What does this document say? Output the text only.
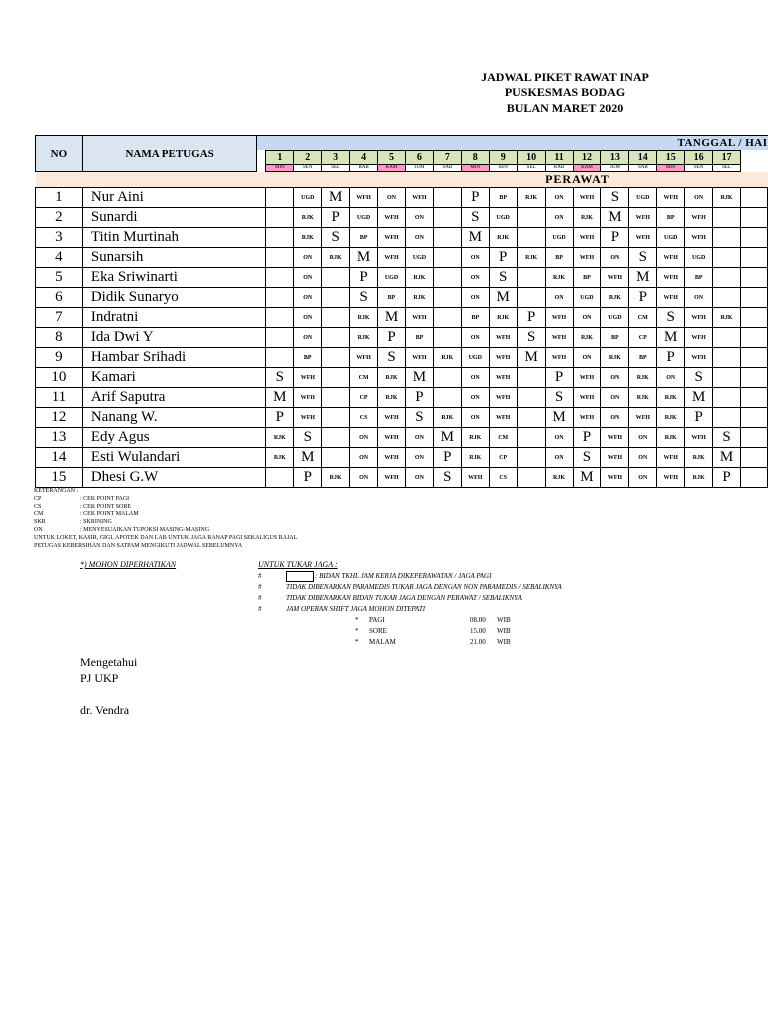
JADWAL PIKET RAWAT INAP
PUSKESMAS BODAG
BULAN MARET 2020
NO	NAMA PETUGAS	TANGGAL / HAI																		
			1	2	3	4	5	6	7	8	9	10	11	12	13	14	15	16	17	
			MIN	SEN	SEL	RAB	KAM	JUM	SAB	MIN	SEN	SEL	RAB	KAM	JUM	SAB	MIN	SEN	SEL	
													PERAWAT							
1	Nur Aini			UGD	M	WFH	ON	WFH		P	BP	RJK	ON	WFH	S	UGD	WFH	ON	RJK	
2	Sunardi			RJK	P	UGD	WFH	ON		S	UGD		ON	RJK	M	WFH	BP	WFH		
3	Titin Murtinah			RJK	S	BP	WFH	ON		M	RJK		UGD	WFH	P	WFH	UGD	WFH		
4	Sunarsih			ON	RJK	M	WFH	UGD		ON	P	RJK	BP	WFH	ON	S	WFH	UGD		
5	Eka Sriwinarti			ON		P	UGD	RJK		ON	S		RJK	BP	WFH	M	WFH	BP		
6	Didik Sunaryo			ON		S	BP	RJK		ON	M		ON	UGD	RJK	P	WFH	ON		
7	Indratni			ON		RJK	M	WFH		BP	RJK	P	WFH	ON	UGD	CM	S	WFH	RJK	
8	Ida Dwi Y			ON		RJK	P	BP		ON	WFH	S	WFH	RJK	BP	CP	M	WFH		
9	Hambar Srihadi			BP		WFH	S	WFH	RJK	UGD	WFH	M	WFH	ON	RJK	BP	P	WFH		
10	Kamari		S	WFH		CM	RJK	M		ON	WFH		P	WFH	ON	RJK	ON	S		
11	Arif Saputra		M	WFH		CP	RJK	P		ON	WFH		S	WFH	ON	RJK	RJK	M		
12	Nanang W.		P	WFH		CS	WFH	S	RJK	ON	WFH		M	WFH	ON	WFH	RJK	P		
13	Edy Agus		RJK	S		ON	WFH	ON	M	RJK	CM		ON	P	WFH	ON	RJK	WFH	S	
14	Esti Wulandari		RJK	M		ON	WFH	ON	P	RJK	CP		ON	S	WFH	ON	WFH	RJK	M	
15	Dhesi G.W			P	RJK	ON	WFH	ON	S	WFH	CS		RJK	M	WFH	ON	WFH	RJK	P	
KETERANGAN :
CP	: CEK POINT PAGI
CS	: CEK POINT SORE
CM	: CEK POINT MALAM
SKR	: SKRINING
ON	: MENYESUAIKAN TUPOKSI MASING-MASING
UNTUK LOKET, KASIR, GIGI, APOTEK DAN LAB UNTUK JAGA RANAP PAGI SEKALIGUS RAJAL
PETUGAS KEBERSIHAN DAN SATPAM MENGIKUTI JADWAL SEBELUMNYA
*) MOHON DIPERHATIKAN	UNTUK TUKAR JAGA :
#	: BIDAN TKHL JAM KERJA DIKEPERAWATAN / JAGA PAGI
#	TIDAK DIBENARKAN PARAMEDIS TUKAR JAGA DENGAN NON PARAMEDIS / SEBALIKNYA
#	TIDAK DIBENARKAN BIDAN TUKAR JAGA DENGAN PERAWAT / SEBALIKNYA
#	JAM OPERAN SHIFT JAGA MOHON DITEPATI
* PAGI	08.00 WIB
* SORE	15.00 WIB
* MALAM	21.00 WIB
Mengetahui
PJ UKP
dr. Vendra
